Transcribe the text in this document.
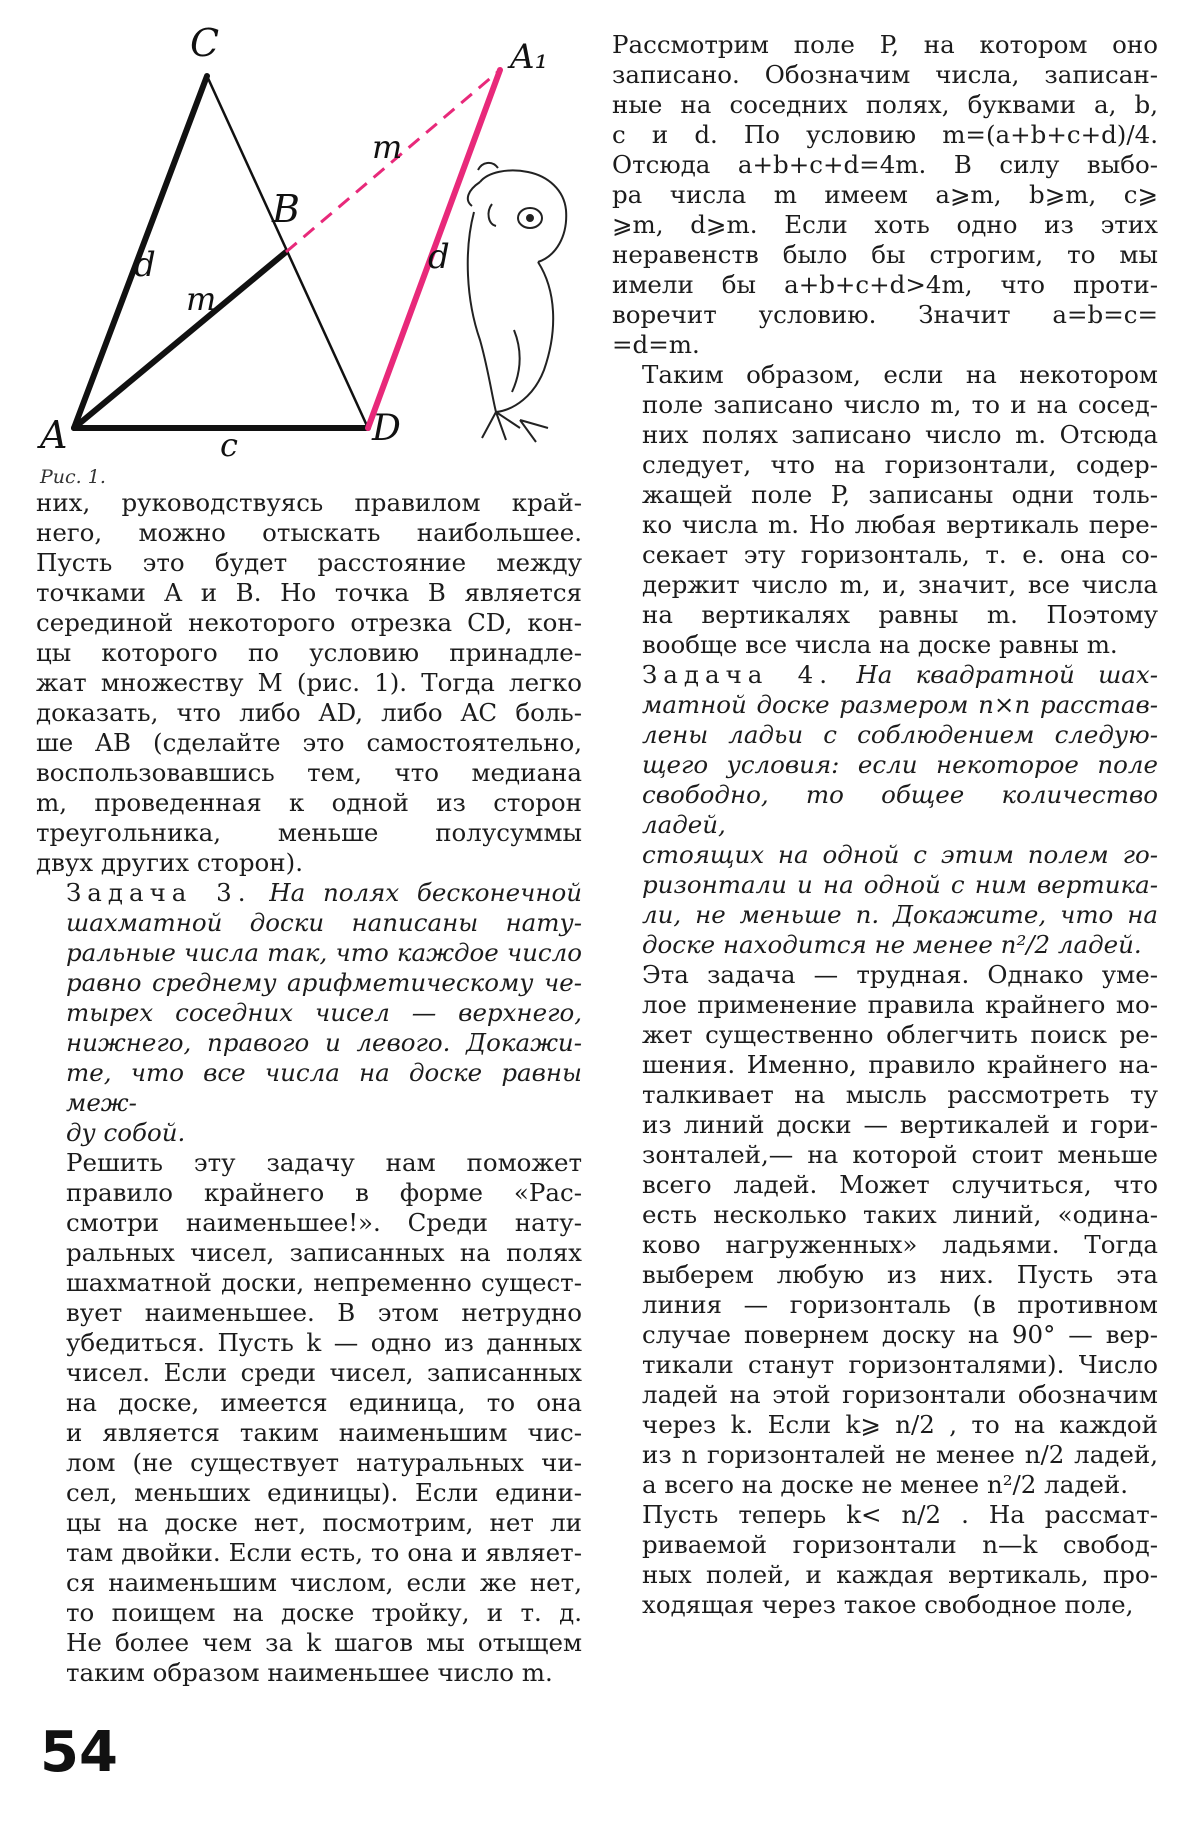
C	A₁
m
B
d	d
m
A	c	D
Рис. 1.

них, руководствуясь правилом край-
него, можно отыскать наибольшее.
Пусть это будет расстояние между
точками A и B. Но точка B является
серединой некоторого отрезка CD, кон-
цы которого по условию принадле-
жат множеству M (рис. 1). Тогда легко
доказать, что либо AD, либо AC боль-
ше AB (сделайте это самостоятельно,
воспользовавшись тем, что медиана
m, проведенная к одной из сторон
треугольника, меньше полусуммы
двух других сторон).

Задача 3. На полях бесконечной
шахматной доски написаны нату-
ральные числа так, что каждое число
равно среднему арифметическому че-
тырех соседних чисел — верхнего,
нижнего, правого и левого. Докажи-
те, что все числа на доске равны меж-
ду собой.

Решить эту задачу нам поможет
правило крайнего в форме «Рас-
смотри наименьшее!». Среди нату-
ральных чисел, записанных на полях
шахматной доски, непременно сущест-
вует наименьшее. В этом нетрудно
убедиться. Пусть k — одно из данных
чисел. Если среди чисел, записанных
на доске, имеется единица, то она
и является таким наименьшим чис-
лом (не существует натуральных чи-
сел, меньших единицы). Если едини-
цы на доске нет, посмотрим, нет ли
там двойки. Если есть, то она и являет-
ся наименьшим числом, если же нет,
то поищем на доске тройку, и т. д.
Не более чем за k шагов мы отыщем
таким образом наименьшее число m.

Рассмотрим поле P, на котором оно
записано. Обозначим числа, записан-
ные на соседних полях, буквами a, b,
c и d. По условию m=(a+b+c+d)/4.
Отсюда a+b+c+d=4m. В силу выбо-
ра числа m имеем a⩾m, b⩾m, c⩾
⩾m, d⩾m. Если хоть одно из этих
неравенств было бы строгим, то мы
имели бы a+b+c+d>4m, что проти-
воречит условию. Значит a=b=c=
=d=m.

Таким образом, если на некотором
поле записано число m, то и на сосед-
них полях записано число m. Отсюда
следует, что на горизонтали, содер-
жащей поле P, записаны одни толь-
ко числа m. Но любая вертикаль пере-
секает эту горизонталь, т. е. она со-
держит число m, и, значит, все числа
на вертикалях равны m. Поэтому
вообще все числа на доске равны m.

Задача 4. На квадратной шах-
матной доске размером n×n расстав-
лены ладьи с соблюдением следую-
щего условия: если некоторое поле
свободно, то общее количество ладей,
стоящих на одной с этим полем го-
ризонтали и на одной с ним вертика-
ли, не меньше n. Докажите, что на
доске находится не менее n²/2 ладей.

Эта задача — трудная. Однако уме-
лое применение правила крайнего мо-
жет существенно облегчить поиск ре-
шения. Именно, правило крайнего на-
талкивает на мысль рассмотреть ту
из линий доски — вертикалей и гори-
зонталей,— на которой стоит меньше
всего ладей. Может случиться, что
есть несколько таких линий, «одина-
ково нагруженных» ладьями. Тогда
выберем любую из них. Пусть эта
линия — горизонталь (в противном
случае повернем доску на 90° — вер-
тикали станут горизонталями). Число
ладей на этой горизонтали обозначим
через k. Если k⩾ n/2 , то на каждой
из n горизонталей не менее n/2 ладей,
а всего на доске не менее n²/2 ладей.

Пусть теперь k< n/2 . На рассмат-
риваемой горизонтали n—k свобод-
ных полей, и каждая вертикаль, про-
ходящая через такое свободное поле,

54
